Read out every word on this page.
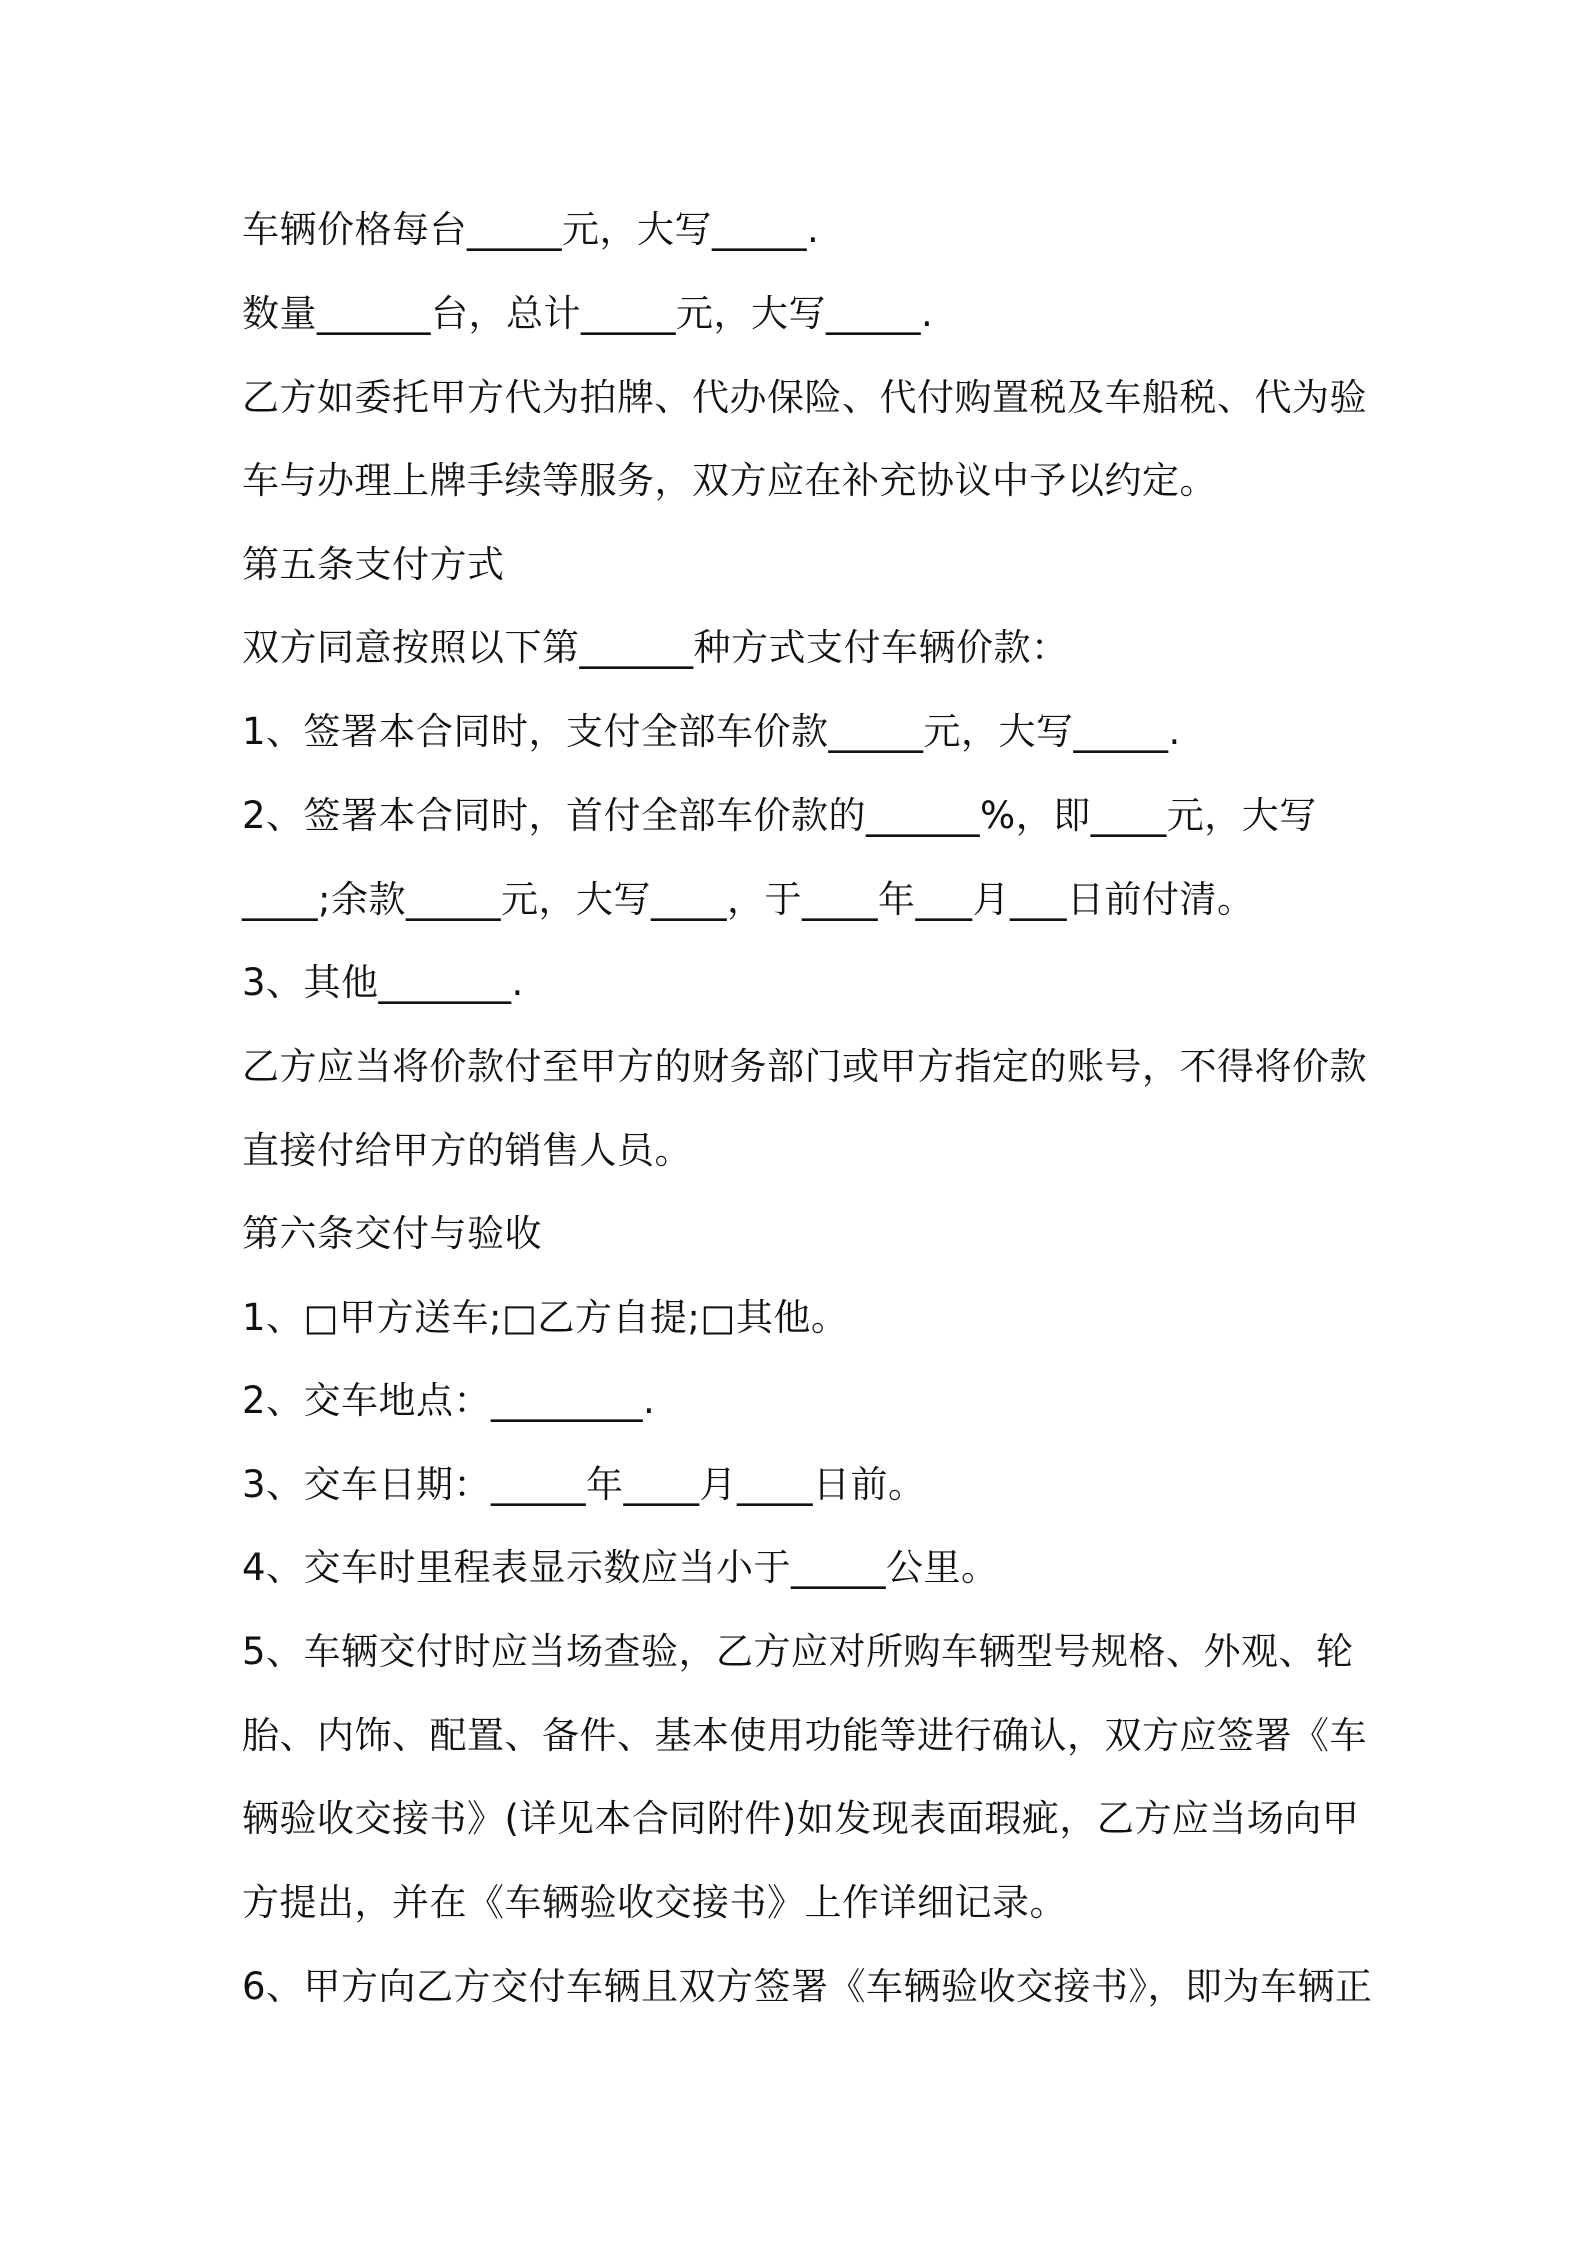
车辆价格每台_____元，大写_____.
数量______台，总计_____元，大写_____.
乙方如委托甲方代为拍牌、代办保险、代付购置税及车船税、代为验
车与办理上牌手续等服务，双方应在补充协议中予以约定。
第五条支付方式
双方同意按照以下第______种方式支付车辆价款：
1、签署本合同时，支付全部车价款_____元，大写_____.
2、签署本合同时，首付全部车价款的______%，即____元，大写
____;余款_____元，大写____，于____年___月___日前付清。
3、其他_______.
乙方应当将价款付至甲方的财务部门或甲方指定的账号，不得将价款
直接付给甲方的销售人员。
第六条交付与验收
1、□甲方送车;□乙方自提;□其他。
2、交车地点：________.
3、交车日期：_____年____月____日前。
4、交车时里程表显示数应当小于_____公里。
5、车辆交付时应当场查验，乙方应对所购车辆型号规格、外观、轮
胎、内饰、配置、备件、基本使用功能等进行确认，双方应签署《车
辆验收交接书》(详见本合同附件)如发现表面瑕疵，乙方应当场向甲
方提出，并在《车辆验收交接书》上作详细记录。
6、甲方向乙方交付车辆且双方签署《车辆验收交接书》，即为车辆正
